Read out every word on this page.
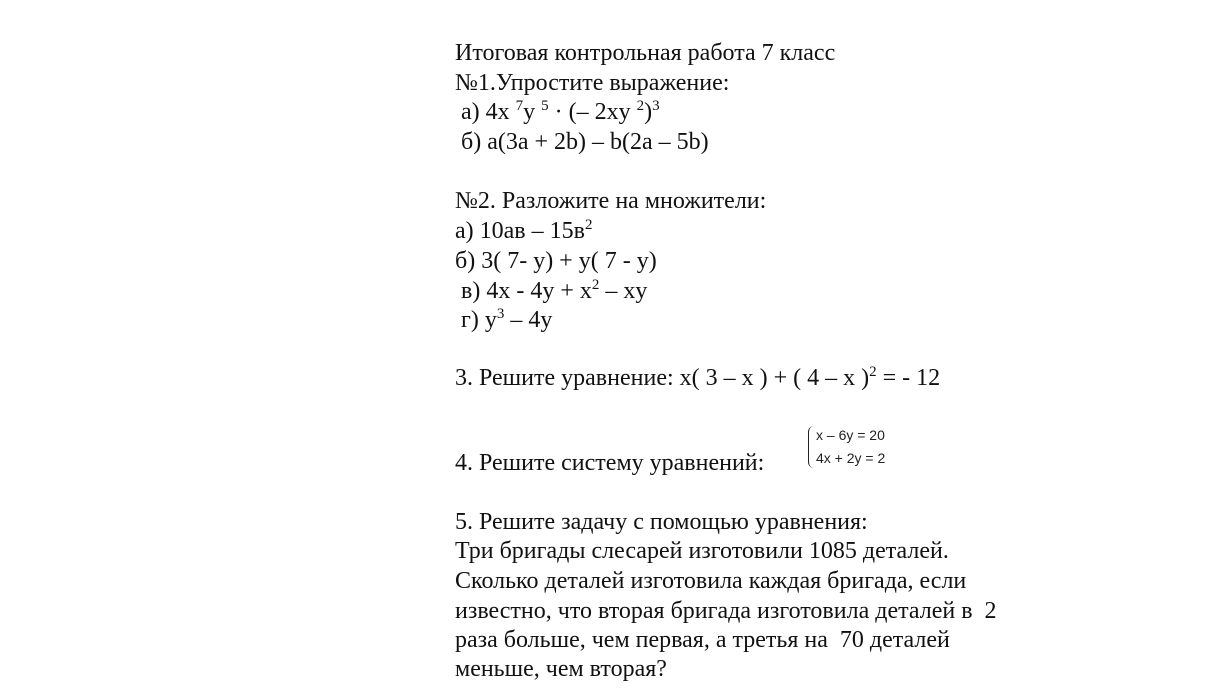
Итоговая контрольная работа 7 класс
№1.Упростите выражение:
а) 4x $^7$y $^5$ · (– 2xy $^2$)$^3$
б) a(3a + 2b) – b(2a – 5b)
№2. Разложите на множители:
а) $10ав - 15в^2$
б) 3( 7- y) + y( 7 - y)
в) $4x - 4y + x^2$ – xy
г) $y^3 - 4y$
3. Решите уравнение: x( 3 – x ) + ( 4 – x )$^2$ = - 12
4. Решите систему уравнений:
x – 6y = 20
4x + 2y = 2
5. Решите задачу с помощью уравнения:
Три бригады слесарей изготовили 1085 деталей.
Сколько деталей изготовила каждая бригада, если
известно, что вторая бригада изготовила деталей в  2
раза больше, чем первая, а третья на  70 деталей
меньше, чем вторая?
